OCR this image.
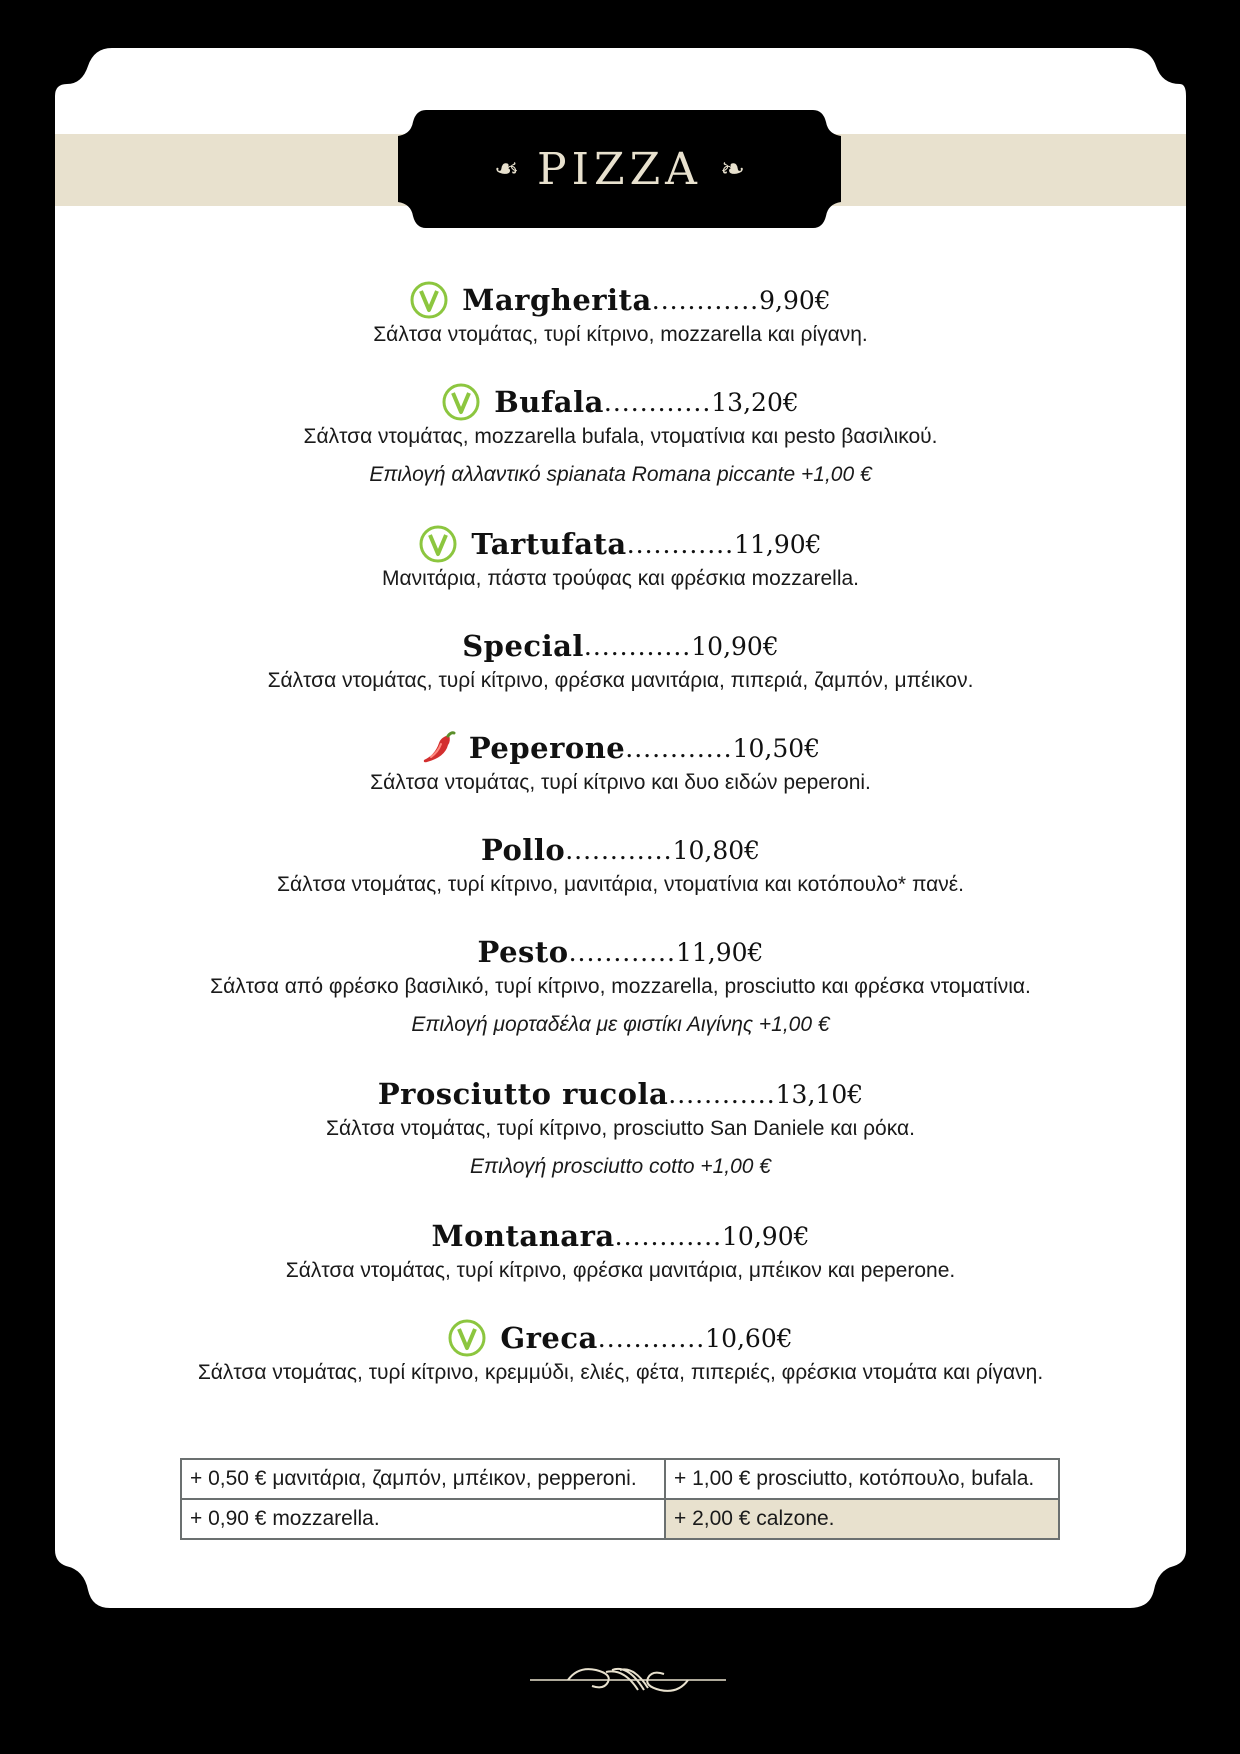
❧ PIZZA ❧
Margherita ............ 9,90€
Σάλτσα ντομάτας, τυρί κίτρινο, mozzarella και ρίγανη.
Bufala ............ 13,20€
Σάλτσα ντομάτας, mozzarella bufala, ντοματίνια και pesto βασιλικού.
Επιλογή αλλαντικό spianata Romana piccante +1,00 €
Tartufata ............ 11,90€
Μανιτάρια, πάστα τρούφας και φρέσκια mozzarella.
Special ............ 10,90€
Σάλτσα ντομάτας, τυρί κίτρινο, φρέσκα μανιτάρια, πιπεριά, ζαμπόν, μπέικον.
Peperone ............ 10,50€
Σάλτσα ντομάτας, τυρί κίτρινο και δυο ειδών peperoni.
Pollo ............ 10,80€
Σάλτσα ντομάτας, τυρί κίτρινο, μανιτάρια, ντοματίνια και κοτόπουλο* πανέ.
Pesto ............ 11,90€
Σάλτσα από φρέσκο βασιλικό, τυρί κίτρινο, mozzarella, prosciutto και φρέσκα ντοματίνια.
Επιλογή μορταδέλα με φιστίκι Αιγίνης +1,00 €
Prosciutto rucola ............ 13,10€
Σάλτσα ντομάτας, τυρί κίτρινο, prosciutto San Daniele και ρόκα.
Επιλογή prosciutto cotto +1,00 €
Montanara ............ 10,90€
Σάλτσα ντομάτας, τυρί κίτρινο, φρέσκα μανιτάρια, μπέικον και peperone.
Greca ............ 10,60€
Σάλτσα ντομάτας, τυρί κίτρινο, κρεμμύδι, ελιές, φέτα, πιπεριές, φρέσκια ντομάτα και ρίγανη.
+ 0,50 € μανιτάρια, ζαμπόν, μπέικον, pepperoni.	+ 1,00 € prosciutto, κοτόπουλο, bufala.
+ 0,90 € mozzarella.	+ 2,00 € calzone.
